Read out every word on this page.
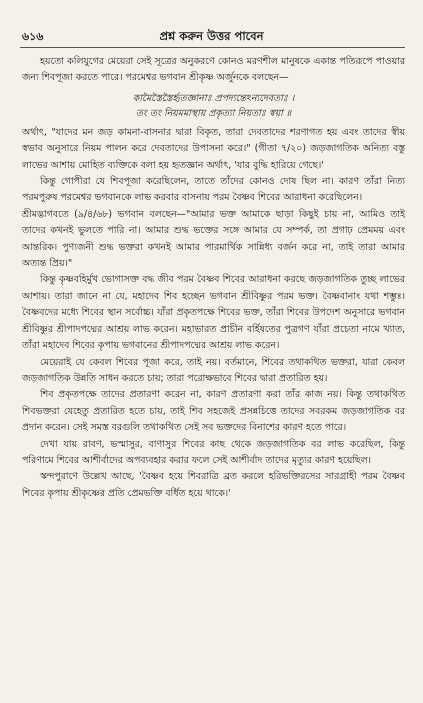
৬১৬	প্রশ্ন করুন উত্তর পাবেন

হয়তো কলিযুগের মেয়েরা সেই সূত্রের অনুকরণে কোনও মরণশীল মানুষকে একান্ত পতিরূপে পাওয়ার জন্য শিবপূজা করতে পারে। পরমেশ্বর ভগবান শ্রীকৃষ্ণ অর্জুনকে বলছেন—

কামৈস্তৈস্তৈর্হৃতজ্ঞানাঃ প্রপদ্যন্তেঽন্যদেবতাঃ ।
তং তং নিয়মমাস্থায় প্রকৃত্যা নিয়তাঃ স্বয়া ॥

অর্থাৎ, "যাদের মন জড় কামনা-বাসনার দ্বারা বিকৃত, তারা দেবতাদের শরণাগত হয় এবং তাদের স্বীয় স্বভাব অনুসারে নিয়ম পালন করে দেবতাদের উপাসনা করে।" (গীতা ৭/২০) জড়জাগতিক অনিত্য বস্তু লাভের আশায় মোহিত ব্যক্তিকে বলা হয় হৃতজ্ঞান অর্থাৎ, 'যার বুদ্ধি হারিয়ে গেছে।'

কিন্তু গোপীরা যে শিবপূজা করেছিলেন, তাতে তাঁদের কোনও দোষ ছিল না। কারণ তাঁরা নিত্য পরমপুরুষ পরমেশ্বর ভগবানকে লাভ করবার বাসনায় পরম বৈষ্ণব শিবের আরাধনা করেছিলেন।

শ্রীমদ্ভাগবতে (৯/৪/৬৮) ভগবান বলছেন—"আমার ভক্ত আমাকে ছাড়া কিছুই চায় না, আমিও তাই তাদের কখনই ভুলতে পারি না। আমার শুদ্ধ ভক্তের সঙ্গে আমার যে সম্পর্ক, তা প্রগাঢ় প্রেমময় এবং আন্তরিক। পুণ্যজনী শুদ্ধ ভক্তরা কখনই আমার পারমার্থিক সান্নিধ্য বর্জন করে না, তাই তারা আমার অত্যন্ত প্রিয়।"

কিন্তু কৃষ্ণবহির্মুখ ভোগাসক্ত বদ্ধ জীব পরম বৈষ্ণব শিবের আরাধনা করছে জড়জাগতিক তুচ্ছ লাভের আশায়। তারা জানে না যে, মহাদেব শিব হচ্ছেন ভগবান শ্রীবিষ্ণুর পরম ভক্ত। বৈষ্ণবানাং যথা শম্ভুঃ। বৈষ্ণবদের মধ্যে শিবের স্থান সর্বোচ্চ। যাঁরা প্রকৃতপক্ষে শিবের ভক্ত, তাঁরা শিবের উপদেশ অনুসারে ভগবান শ্রীবিষ্ণুর শ্রীপাদপদ্মের আশ্রয় লাভ করেন। মহাভারত প্রাচীন বর্হিষতের পুত্রগণ যাঁরা প্রচেতা নামে খ্যাত, তাঁরা মহাদেব শিবের কৃপায় ভগবানের শ্রীপাদপদ্মের আশ্রয় লাভ করেন।

মেয়েরাই যে কেবল শিবের পূজা করে, তাই নয়। বর্তমানে, শিবের তথাকথিত ভক্তরা, যারা কেবল জড়জাগতিক উন্নতি সাধন করতে চায়; তারা পরোক্ষভাবে শিবের দ্বারা প্রতারিত হয়।

শিব প্রকৃতপক্ষে তাদের প্রতারণা করেন না, কারণ প্রতারণা করা তাঁর কাজ নয়। কিন্তু তথাকথিত শিবভক্তরা যেহেতু প্রতারিত হতে চায়, তাই শিব সহজেই প্রসন্নচিত্তে তাদের সবরকম জড়জাগতিক বর প্রদান করেন। সেই সমস্ত বরগুলি তথাকথিত সেই সব ভক্তদের বিনাশের কারণ হতে পারে।

দেখা যায় রাবণ, ভস্মাসুর, বাণাসুর শিবের কাছ থেকে জড়জাগতিক বর লাভ করেছিল, কিন্তু পরিণামে শিবের আশীর্বাদের অপব্যবহার করার ফলে সেই আশীর্বাদ তাদের মৃত্যুর কারণ হয়েছিল।

স্কন্দপুরাণে উল্লেখ আছে, 'বৈষ্ণব হয়ে শিবরাত্রি ব্রত করলে হরিভক্তিরসের সারগ্রাহী পরম বৈষ্ণব শিবের কৃপায় শ্রীকৃষ্ণের প্রতি প্রেমভক্তি বর্ধিত হয়ে থাকে।'
